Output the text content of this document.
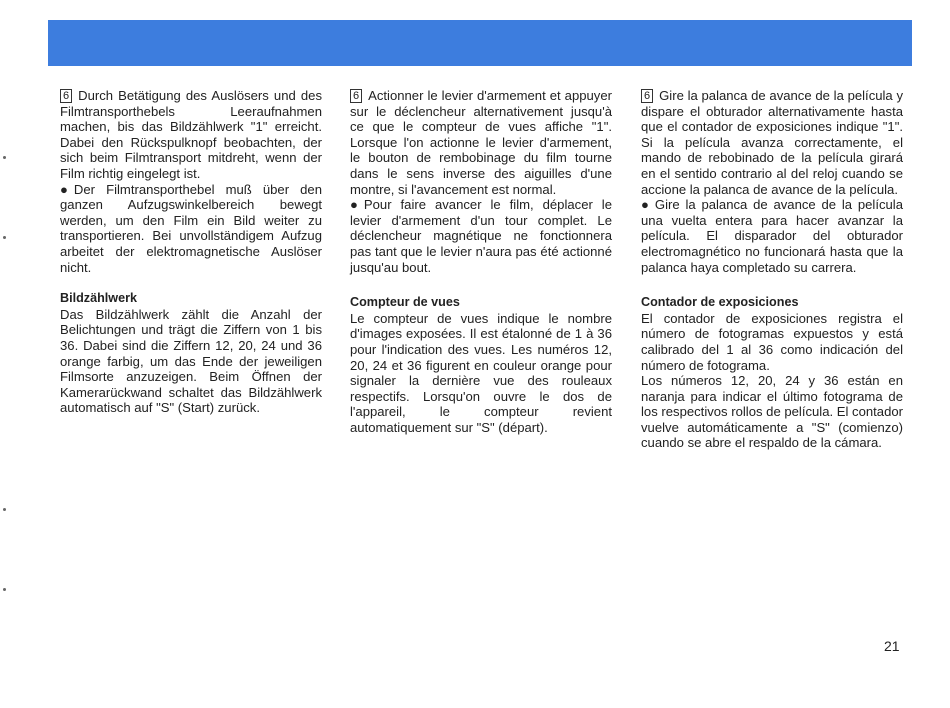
6 Durch Betätigung des Auslösers und des Filmtransporthebels Leeraufnahmen machen, bis das Bildzählwerk "1" erreicht. Dabei den Rückspulknopf beobachten, der sich beim Filmtransport mitdreht, wenn der Film richtig eingelegt ist.

● Der Filmtransporthebel muß über den ganzen Aufzugswinkelbereich bewegt werden, um den Film ein Bild weiter zu transportieren. Bei unvollständigem Aufzug arbeitet der elektromagnetische Auslöser nicht.

Bildzählwerk

Das Bildzählwerk zählt die Anzahl der Belichtungen und trägt die Ziffern von 1 bis 36. Dabei sind die Ziffern 12, 20, 24 und 36 orange farbig, um das Ende der jeweiligen Filmsorte anzuzeigen. Beim Öffnen der Kamerarückwand schaltet das Bildzählwerk automatisch auf "S" (Start) zurück.

6 Actionner le levier d'armement et appuyer sur le déclencheur alternativement jusqu'à ce que le compteur de vues affiche "1". Lorsque l'on actionne le levier d'armement, le bouton de rembobinage du film tourne dans le sens inverse des aiguilles d'une montre, si l'avancement est normal.

● Pour faire avancer le film, déplacer le levier d'armement d'un tour complet. Le déclencheur magnétique ne fonctionnera pas tant que le levier n'aura pas été actionné jusqu'au bout.

Compteur de vues

Le compteur de vues indique le nombre d'images exposées. Il est étalonné de 1 à 36 pour l'indication des vues. Les numéros 12, 20, 24 et 36 figurent en couleur orange pour signaler la dernière vue des rouleaux respectifs. Lorsqu'on ouvre le dos de l'appareil, le compteur revient automatiquement sur "S" (départ).

6 Gire la palanca de avance de la película y dispare el obturador alternativamente hasta que el contador de exposiciones indique "1". Si la película avanza correctamente, el mando de rebobinado de la película girará en el sentido contrario al del reloj cuando se accione la palanca de avance de la película.

● Gire la palanca de avance de la película una vuelta entera para hacer avanzar la película. El disparador del obturador electromagnético no funcionará hasta que la palanca haya completado su carrera.

Contador de exposiciones

El contador de exposiciones registra el número de fotogramas expuestos y está calibrado del 1 al 36 como indicación del número de fotograma.

Los números 12, 20, 24 y 36 están en naranja para indicar el último fotograma de los respectivos rollos de película. El contador vuelve automáticamente a "S" (comienzo) cuando se abre el respaldo de la cámara.

21
